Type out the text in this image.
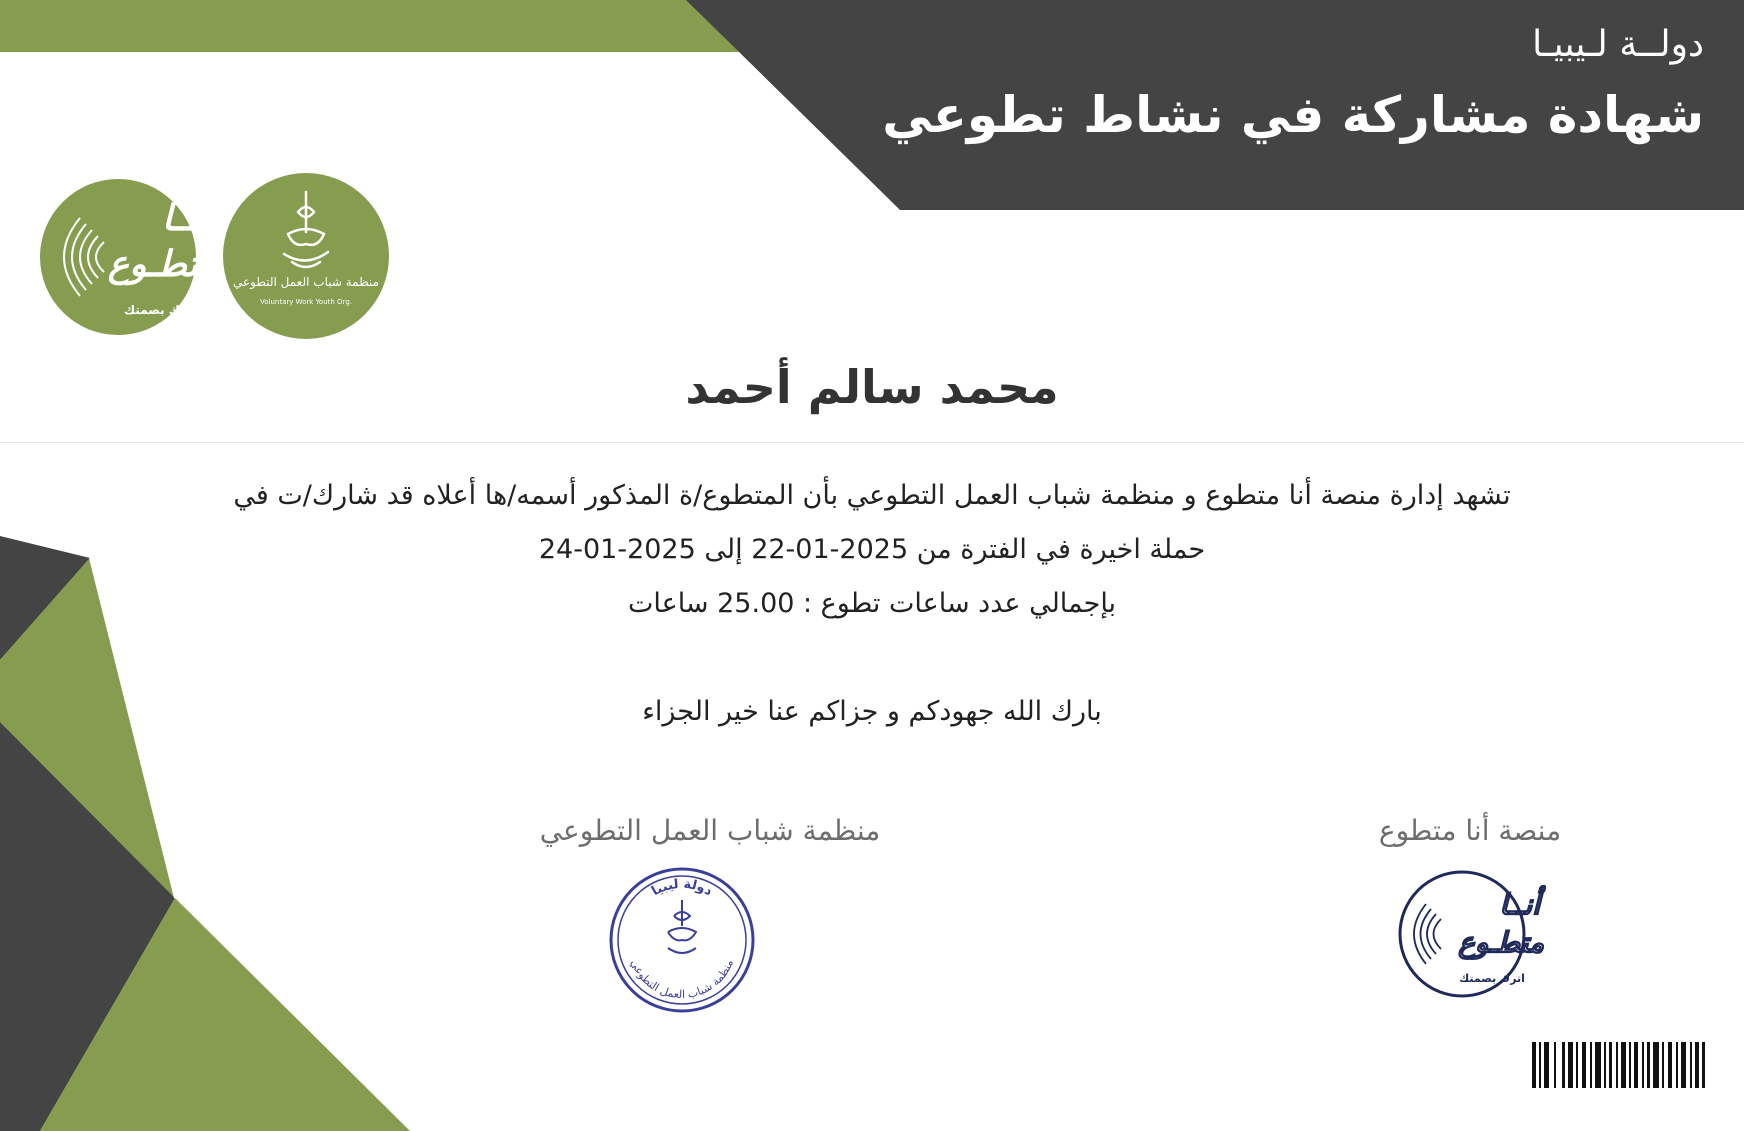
دولــة لـيبيـا
شهادة مشاركة في نشاط تطوعي
منظمة شباب العمل التطوعي
Voluntary Work Youth Org.
أنــا
متطـوع
اترك بصمتك
محمد سالم أحمد
تشهد إدارة منصة أنا متطوع و منظمة شباب العمل التطوعي بأن المتطوع/ة المذكور أسمه/ها أعلاه قد شارك/ت في
حملة اخيرة في الفترة من 2025-01-22 إلى 2025-01-24
بإجمالي عدد ساعات تطوع : 25.00 ساعات
بارك الله جهودكم و جزاكم عنا خير الجزاء
منظمة شباب العمل التطوعي	منصة أنا متطوع
دولة ليبيا
منظمة شباب العمل التطوعي
أنــا
متطـوع
اترك بصمتك
